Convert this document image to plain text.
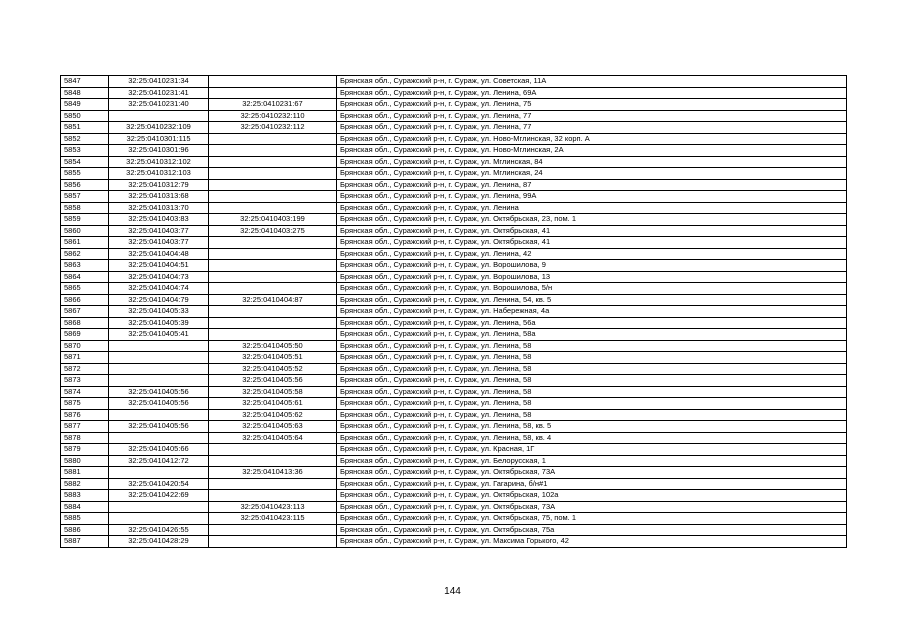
5847	32:25:0410231:34		Брянская обл., Суражский р-н, г. Сураж, ул. Советская, 11А
5848	32:25:0410231:41		Брянская обл., Суражский р-н, г. Сураж, ул. Ленина, 69А
5849	32:25:0410231:40	32:25:0410231:67	Брянская обл., Суражский р-н, г. Сураж, ул. Ленина, 75
5850		32:25:0410232:110	Брянская обл., Суражский р-н, г. Сураж, ул. Ленина, 77
5851	32:25:0410232:109	32:25:0410232:112	Брянская обл., Суражский р-н, г. Сураж, ул. Ленина, 77
5852	32:25:0410301:115		Брянская обл., Суражский р-н, г. Сураж, ул. Ново-Мглинская, 32 корп. А
5853	32:25:0410301:96		Брянская обл., Суражский р-н, г. Сураж, ул. Ново-Мглинская, 2А
5854	32:25:0410312:102		Брянская обл., Суражский р-н, г. Сураж, ул. Мглинская, 84
5855	32:25:0410312:103		Брянская обл., Суражский р-н, г. Сураж, ул. Мглинская, 24
5856	32:25:0410312:79		Брянская обл., Суражский р-н, г. Сураж, ул. Ленина, 87
5857	32:25:0410313:68		Брянская обл., Суражский р-н, г. Сураж, ул. Ленина, 99А
5858	32:25:0410313:70		Брянская обл., Суражский р-н, г. Сураж, ул. Ленина
5859	32:25:0410403:83	32:25:0410403:199	Брянская обл., Суражский р-н, г. Сураж, ул. Октябрьская, 23, пом. 1
5860	32:25:0410403:77	32:25:0410403:275	Брянская обл., Суражский р-н, г. Сураж, ул. Октябрьская, 41
5861	32:25:0410403:77		Брянская обл., Суражский р-н, г. Сураж, ул. Октябрьская, 41
5862	32:25:0410404:48		Брянская обл., Суражский р-н, г. Сураж, ул. Ленина, 42
5863	32:25:0410404:51		Брянская обл., Суражский р-н, г. Сураж, ул. Ворошилова, 9
5864	32:25:0410404:73		Брянская обл., Суражский р-н, г. Сураж, ул. Ворошилова, 13
5865	32:25:0410404:74		Брянская обл., Суражский р-н, г. Сураж, ул. Ворошилова, 5/н
5866	32:25:0410404:79	32:25:0410404:87	Брянская обл., Суражский р-н, г. Сураж, ул. Ленина, 54, кв. 5
5867	32:25:0410405:33		Брянская обл., Суражский р-н, г. Сураж, ул. Набережная, 4а
5868	32:25:0410405:39		Брянская обл., Суражский р-н, г. Сураж, ул. Ленина, 56а
5869	32:25:0410405:41		Брянская обл., Суражский р-н, г. Сураж, ул. Ленина, 58а
5870		32:25:0410405:50	Брянская обл., Суражский р-н, г. Сураж, ул. Ленина, 58
5871		32:25:0410405:51	Брянская обл., Суражский р-н, г. Сураж, ул. Ленина, 58
5872		32:25:0410405:52	Брянская обл., Суражский р-н, г. Сураж, ул. Ленина, 58
5873		32:25:0410405:56	Брянская обл., Суражский р-н, г. Сураж, ул. Ленина, 58
5874	32:25:0410405:56	32:25:0410405:58	Брянская обл., Суражский р-н, г. Сураж, ул. Ленина, 58
5875	32:25:0410405:56	32:25:0410405:61	Брянская обл., Суражский р-н, г. Сураж, ул. Ленина, 58
5876		32:25:0410405:62	Брянская обл., Суражский р-н, г. Сураж, ул. Ленина, 58
5877	32:25:0410405:56	32:25:0410405:63	Брянская обл., Суражский р-н, г. Сураж, ул. Ленина, 58, кв. 5
5878		32:25:0410405:64	Брянская обл., Суражский р-н, г. Сураж, ул. Ленина, 58, кв. 4
5879	32:25:0410405:66		Брянская обл., Суражский р-н, г. Сураж, ул. Красная, 1Г
5880	32:25:0410412:72		Брянская обл., Суражский р-н, г. Сураж, ул. Белорусская, 1
5881		32:25:0410413:36	Брянская обл., Суражский р-н, г. Сураж, ул. Октябрьская, 73А
5882	32:25:0410420:54		Брянская обл., Суражский р-н, г. Сураж, ул. Гагарина, б/н#1
5883	32:25:0410422:69		Брянская обл., Суражский р-н, г. Сураж, ул. Октябрьская, 102а
5884		32:25:0410423:113	Брянская обл., Суражский р-н, г. Сураж, ул. Октябрьская, 73А
5885		32:25:0410423:115	Брянская обл., Суражский р-н, г. Сураж, ул. Октябрьская, 75, пом. 1
5886	32:25:0410426:55		Брянская обл., Суражский р-н, г. Сураж, ул. Октябрьская, 75а
5887	32:25:0410428:29		Брянская обл., Суражский р-н, г. Сураж, ул. Максима Горького, 42
144
